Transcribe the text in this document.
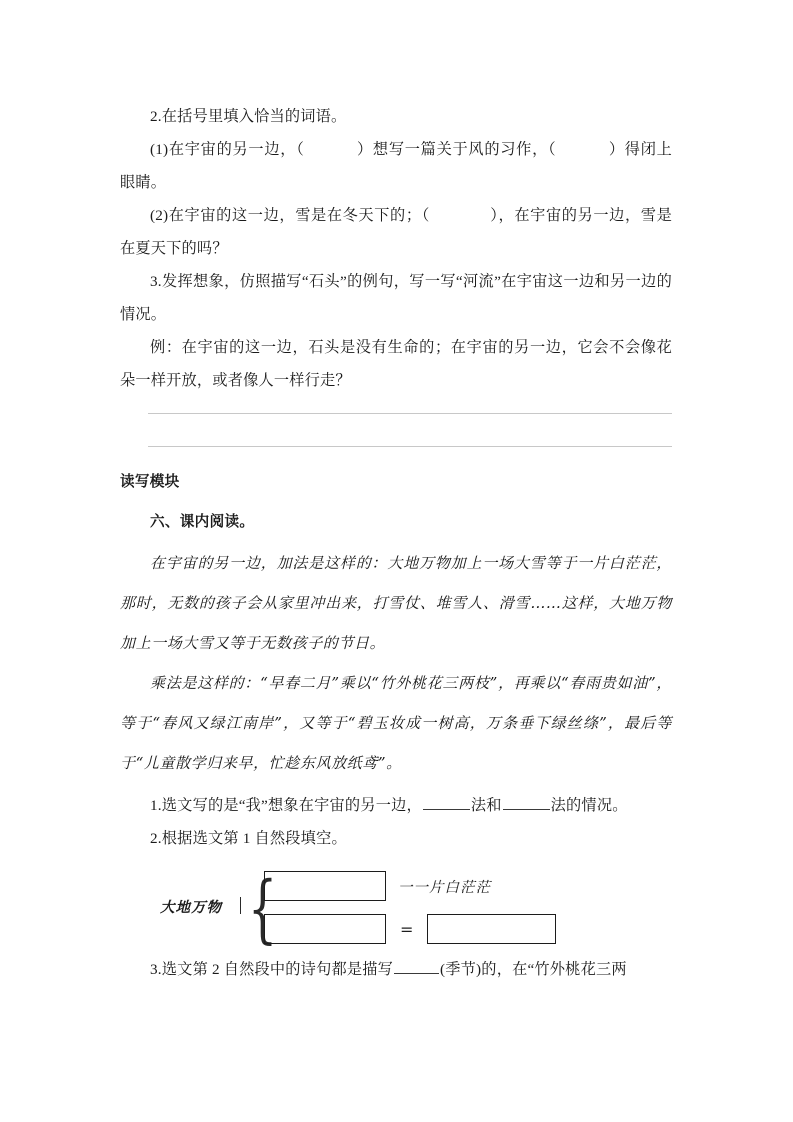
2.在括号里填入恰当的词语。

(1)在宇宙的另一边，（	）想写一篇关于风的习作，（	）得闭上眼睛。

(2)在宇宙的这一边，雪是在冬天下的；（	），在宇宙的另一边，雪是在夏天下的吗？

3.发挥想象，仿照描写“石头”的例句，写一写“河流”在宇宙这一边和另一边的情况。

例：在宇宙的这一边，石头是没有生命的；在宇宙的另一边，它会不会像花朵一样开放，或者像人一样行走？

读写模块

六、课内阅读。

在宇宙的另一边，加法是这样的：大地万物加上一场大雪等于一片白茫茫，那时，无数的孩子会从家里冲出来，打雪仗、堆雪人、滑雪……这样，大地万物加上一场大雪又等于无数孩子的节日。

乘法是这样的：“早春二月”乘以“竹外桃花三两枝”，再乘以“春雨贵如油”，等于“春风又绿江南岸”，又等于“碧玉妆成一树高，万条垂下绿丝绦”，最后等于“儿童散学归来早，忙趁东风放纸鸢”。

1.选文写的是“我”想象在宇宙的另一边，	法和	法的情况。

2.根据选文第 1 自然段填空。

大地万物 {	一一片白茫茫
=

3.选文第 2 自然段中的诗句都是描写	(季节)的，在“竹外桃花三两
